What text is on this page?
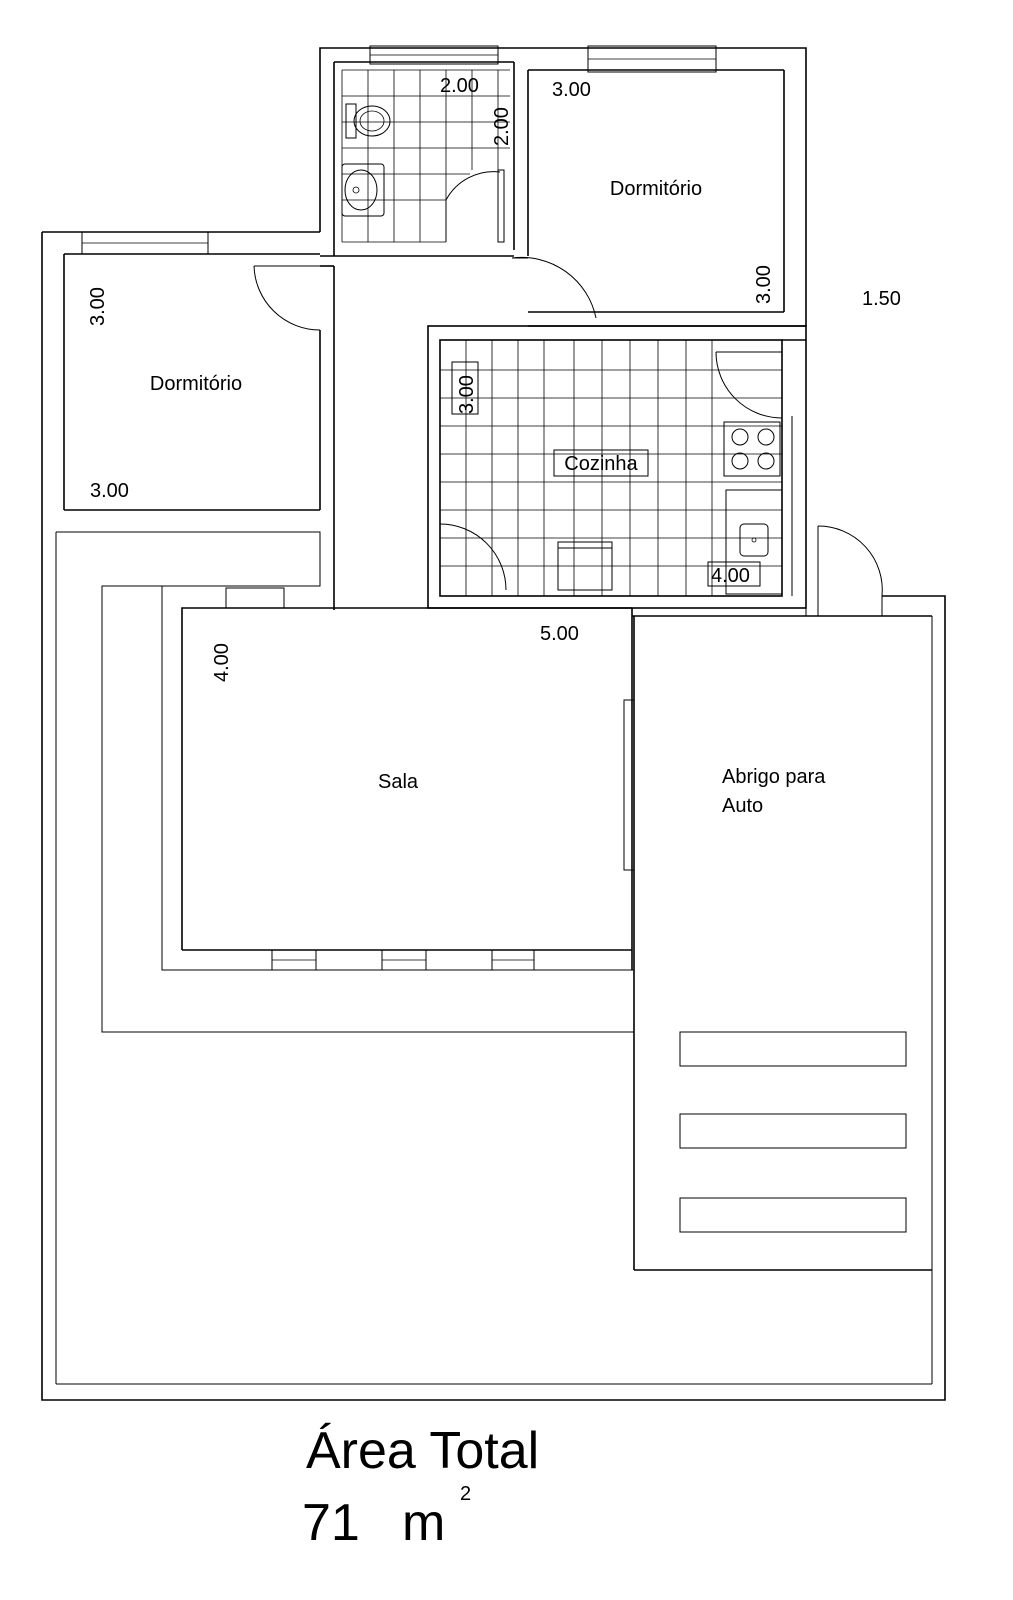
Dormitório
Dormitório
Cozinha
Sala	Abrigo para
Auto
2.00
2.00
3.00
3.00
3.00
3.00
3.00
4.00
1.50
5.00
4.00
Área Total
71 m 2
